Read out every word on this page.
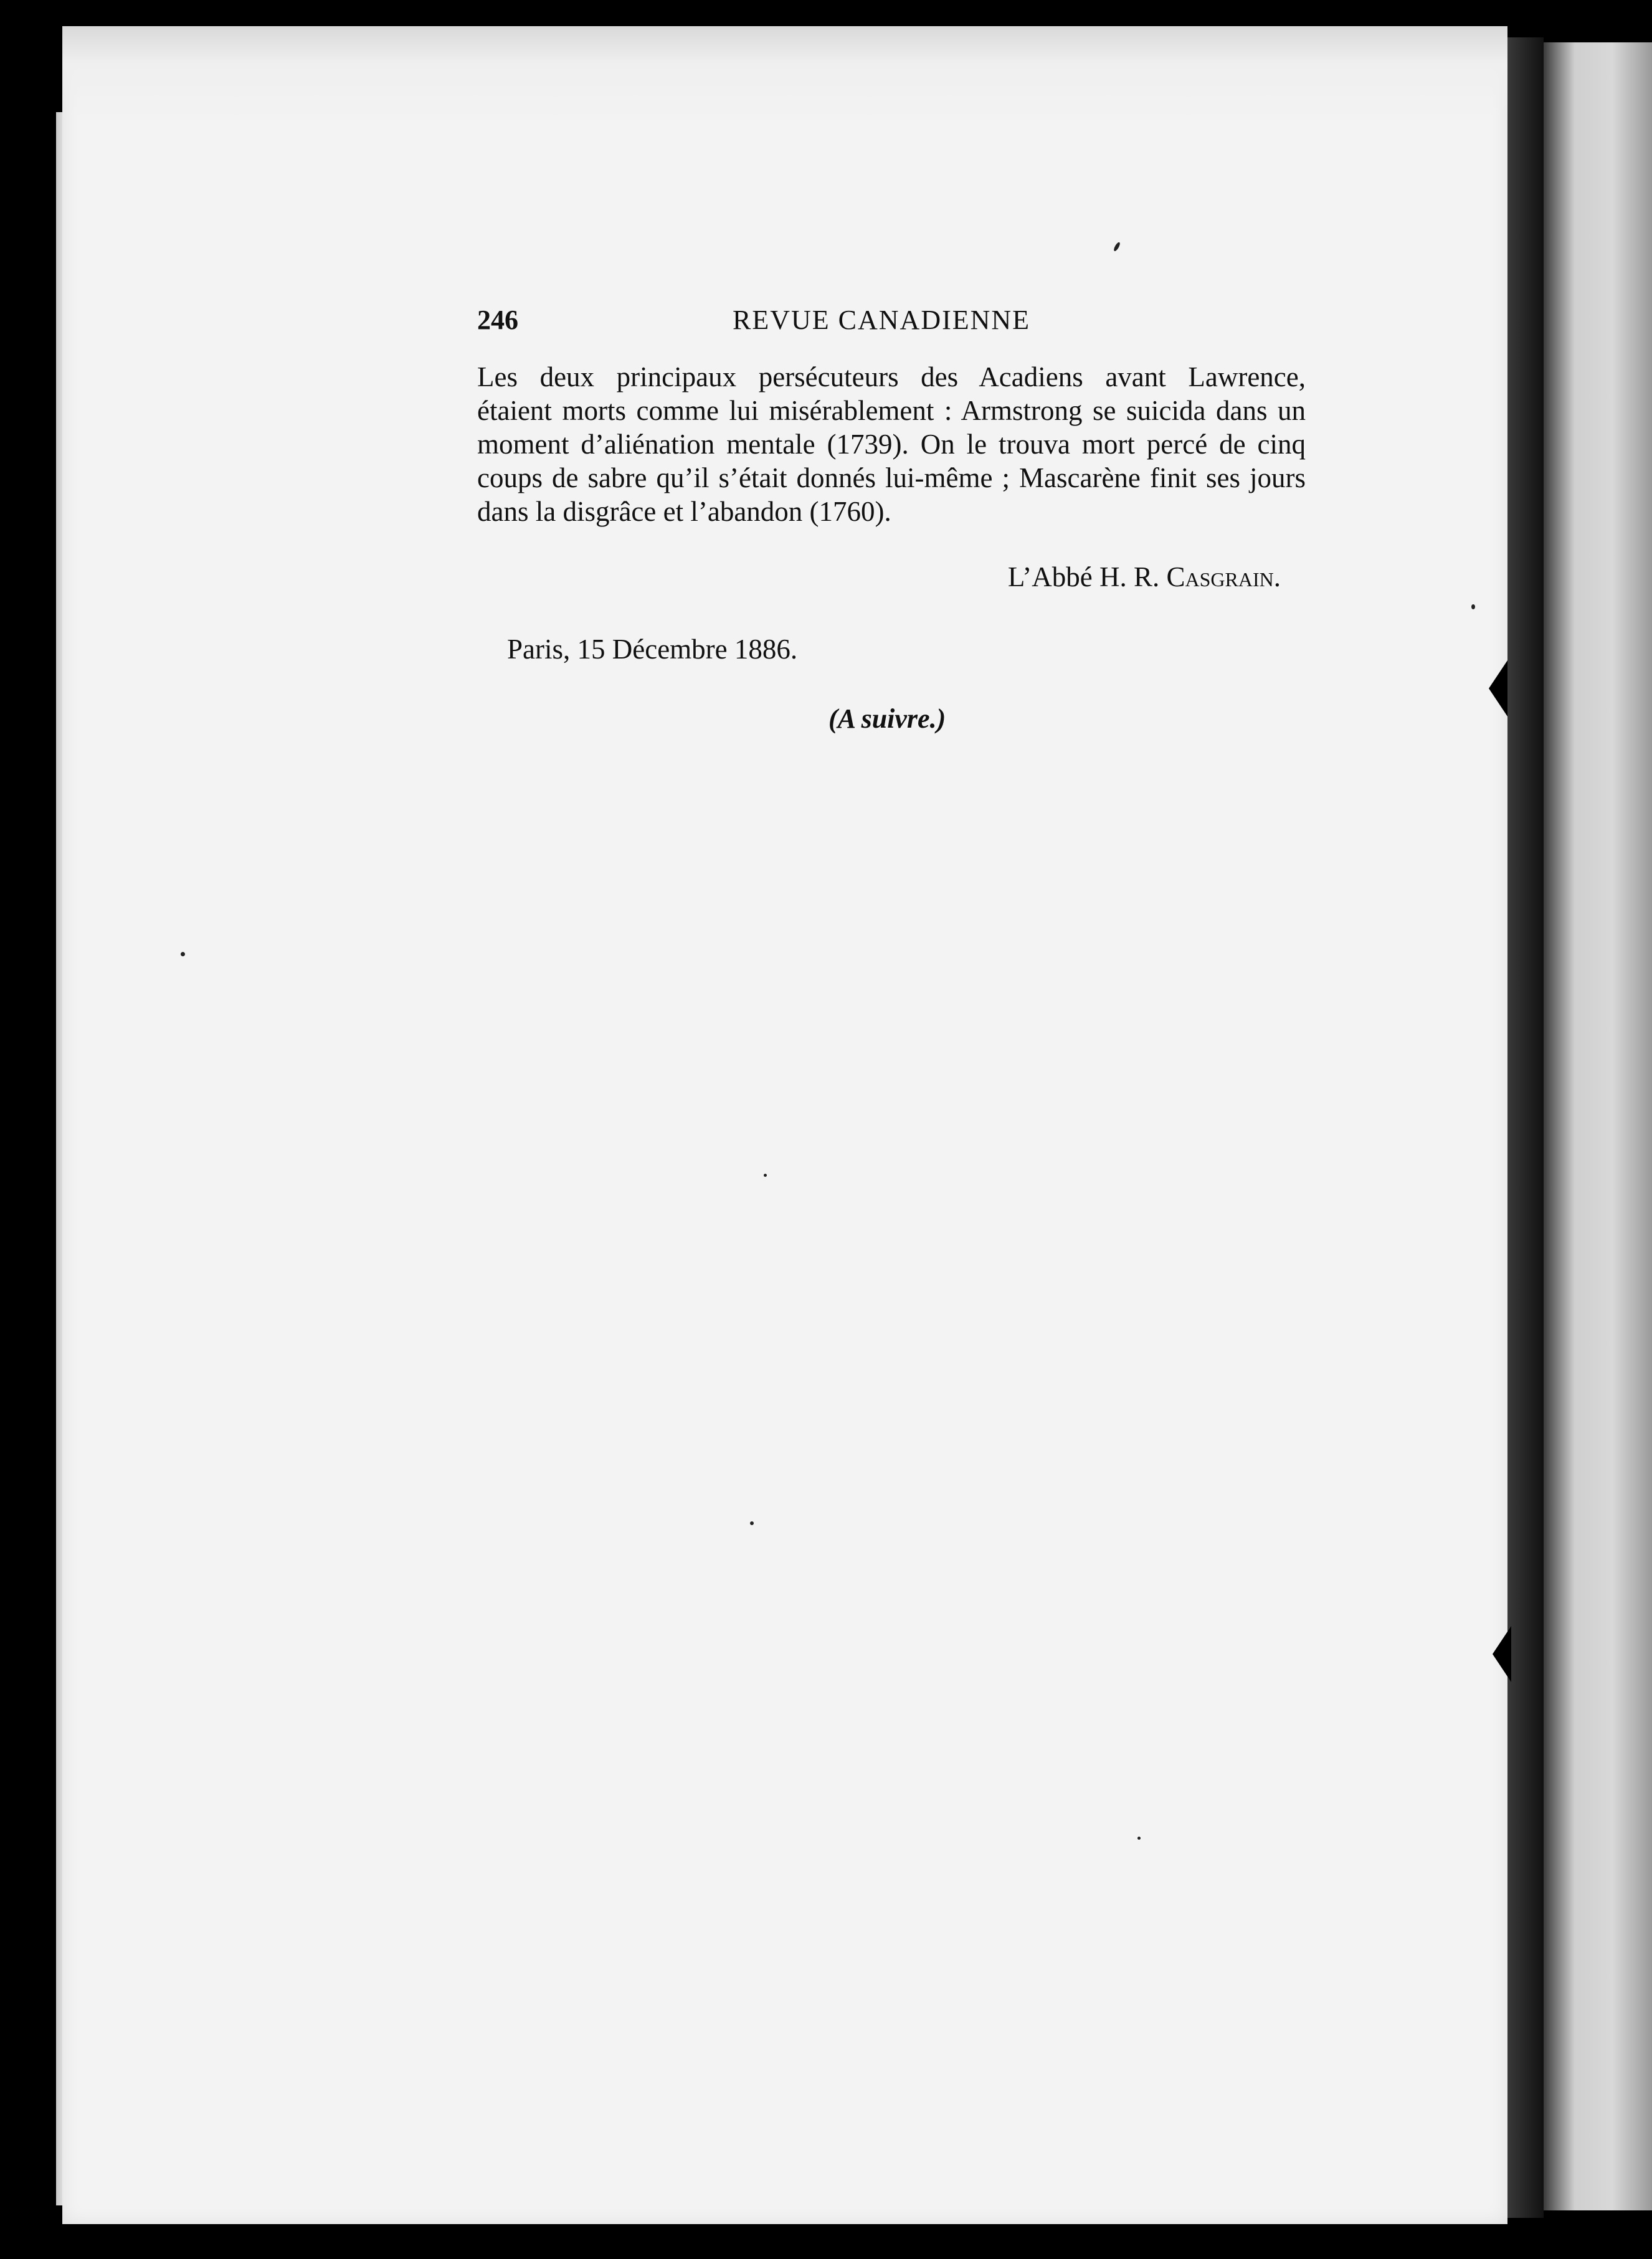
246	REVUE CANADIENNE

Les deux principaux persécuteurs des Acadiens avant Lawrence,
étaient morts comme lui misérablement : Armstrong se suicida dans un
moment d’aliénation mentale (1739). On le trouva mort percé de cinq
coups de sabre qu’il s’était donnés lui-même ; Mascarène finit ses jours
dans la disgrâce et l’abandon (1760).

L’Abbé H. R. Casgrain.

Paris, 15 Décembre 1886.

(A suivre.)
